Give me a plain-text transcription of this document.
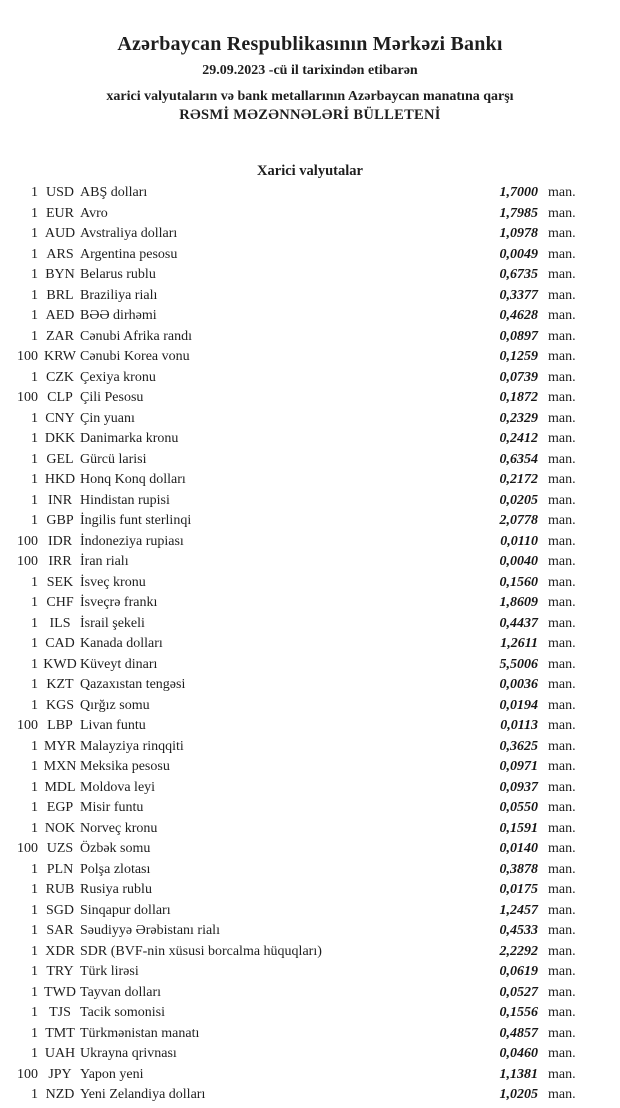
Azərbaycan Respublikasının Mərkəzi Bankı
29.09.2023 -cü il tarixindən etibarən
xarici valyutaların və bank metallarının Azərbaycan manatına qarşı
RƏSMİ MƏZƏNNƏLƏRİ BÜLLETENİ
Xarici valyutalar
1 USD ABŞ dolları	1,7000 man.
1 EUR Avro	1,7985 man.
1 AUD Avstraliya dolları	1,0978 man.
1 ARS Argentina pesosu	0,0049 man.
1 BYN Belarus rublu	0,6735 man.
1 BRL Braziliya rialı	0,3377 man.
1 AED BƏƏ dirhəmi	0,4628 man.
1 ZAR Cənubi Afrika randı	0,0897 man.
100 KRW Cənubi Korea vonu	0,1259 man.
1 CZK Çexiya kronu	0,0739 man.
100 CLP Çili Pesosu	0,1872 man.
1 CNY Çin yuanı	0,2329 man.
1 DKK Danimarka kronu	0,2412 man.
1 GEL Gürcü larisi	0,6354 man.
1 HKD Honq Konq dolları	0,2172 man.
1 INR Hindistan rupisi	0,0205 man.
1 GBP İngilis funt sterlinqi	2,0778 man.
100 IDR İndoneziya rupiası	0,0110 man.
100 IRR İran rialı	0,0040 man.
1 SEK İsveç kronu	0,1560 man.
1 CHF İsveçrə frankı	1,8609 man.
1 ILS İsrail şekeli	0,4437 man.
1 CAD Kanada dolları	1,2611 man.
1 KWD Küveyt dinarı	5,5006 man.
1 KZT Qazaxıstan tengəsi	0,0036 man.
1 KGS Qırğız somu	0,0194 man.
100 LBP Livan funtu	0,0113 man.
1 MYR Malayziya rinqqiti	0,3625 man.
1 MXN Meksika pesosu	0,0971 man.
1 MDL Moldova leyi	0,0937 man.
1 EGP Misir funtu	0,0550 man.
1 NOK Norveç kronu	0,1591 man.
100 UZS Özbək somu	0,0140 man.
1 PLN Polşa zlotası	0,3878 man.
1 RUB Rusiya rublu	0,0175 man.
1 SGD Sinqapur dolları	1,2457 man.
1 SAR Səudiyyə Ərəbistanı rialı	0,4533 man.
1 XDR SDR (BVF-nin xüsusi borcalma hüquqları)	2,2292 man.
1 TRY Türk lirəsi	0,0619 man.
1 TWD Tayvan dolları	0,0527 man.
1 TJS Tacik somonisi	0,1556 man.
1 TMT Türkmənistan manatı	0,4857 man.
1 UAH Ukrayna qrivnası	0,0460 man.
100 JPY Yapon yeni	1,1381 man.
1 NZD Yeni Zelandiya dolları	1,0205 man.
